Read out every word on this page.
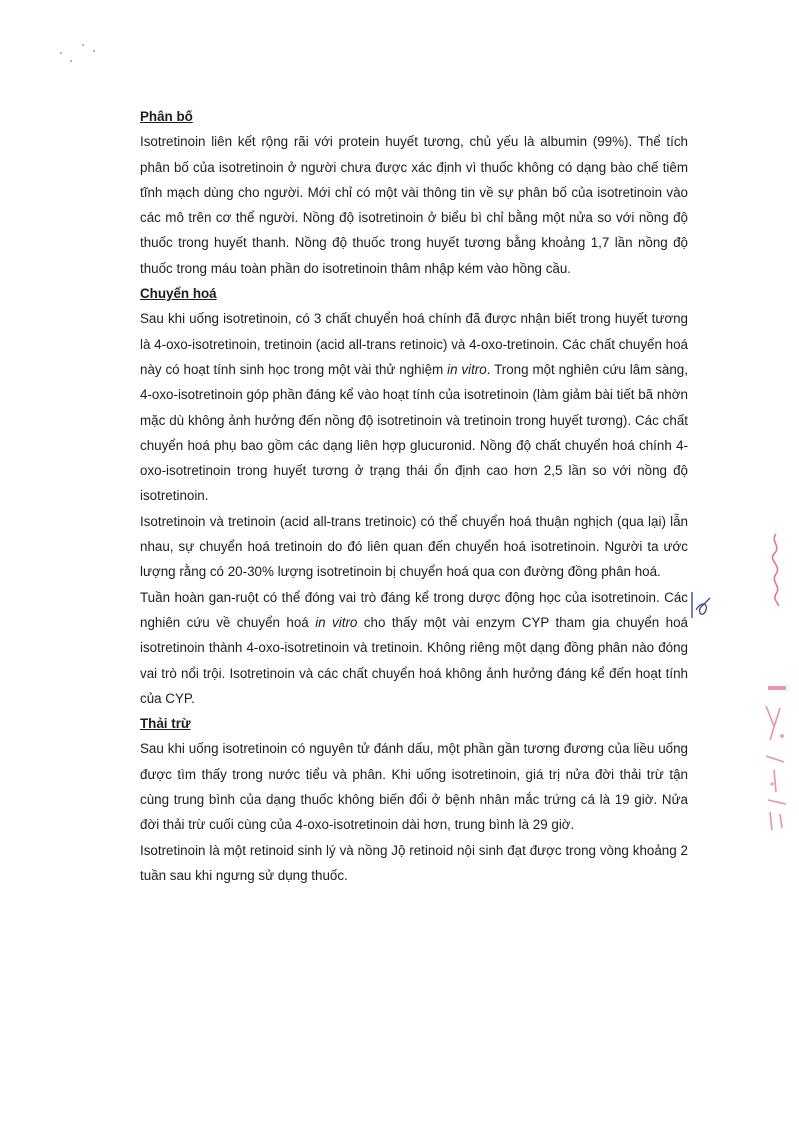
Phân bố

Isotretinoin liên kết rộng rãi với protein huyết tương, chủ yếu là albumin (99%). Thể tích phân bố của isotretinoin ở người chưa được xác định vì thuốc không có dạng bào chế tiêm tĩnh mạch dùng cho người. Mới chỉ có một vài thông tin về sự phân bố của isotretinoin vào các mô trên cơ thể người. Nồng độ isotretinoin ở biểu bì chỉ bằng một nửa so với nồng độ thuốc trong huyết thanh. Nồng độ thuốc trong huyết tương bằng khoảng 1,7 lần nồng độ thuốc trong máu toàn phần do isotretinoin thâm nhập kém vào hồng cầu.

Chuyển hoá

Sau khi uống isotretinoin, có 3 chất chuyển hoá chính đã được nhận biết trong huyết tương là 4-oxo-isotretinoin, tretinoin (acid all-trans retinoic) và 4-oxo-tretinoin. Các chất chuyển hoá này có hoạt tính sinh học trong một vài thử nghiệm in vitro. Trong một nghiên cứu lâm sàng, 4-oxo-isotretinoin góp phần đáng kể vào hoạt tính của isotretinoin (làm giảm bài tiết bã nhờn mặc dù không ảnh hưởng đến nồng độ isotretinoin và tretinoin trong huyết tương). Các chất chuyển hoá phụ bao gồm các dạng liên hợp glucuronid. Nồng độ chất chuyển hoá chính 4-oxo-isotretinoin trong huyết tương ở trạng thái ổn định cao hơn 2,5 lần so với nồng độ isotretinoin.

Isotretinoin và tretinoin (acid all-trans tretinoic) có thể chuyển hoá thuận nghịch (qua lại) lẫn nhau, sự chuyển hoá tretinoin do đó liên quan đến chuyển hoá isotretinoin. Người ta ước lượng rằng có 20-30% lượng isotretinoin bị chuyển hoá qua con đường đồng phân hoá.

Tuần hoàn gan-ruột có thể đóng vai trò đáng kể trong dược động học của isotretinoin. Các nghiên cứu về chuyển hoá in vitro cho thấy một vài enzym CYP tham gia chuyển hoá isotretinoin thành 4-oxo-isotretinoin và tretinoin. Không riêng một dạng đồng phân nào đóng vai trò nổi trội. Isotretinoin và các chất chuyển hoá không ảnh hưởng đáng kể đến hoạt tính của CYP.

Thải trừ

Sau khi uống isotretinoin có nguyên tử đánh dấu, một phần gần tương đương của liều uống được tìm thấy trong nước tiểu và phân. Khi uống isotretinoin, giá trị nửa đời thải trừ tận cùng trung bình của dạng thuốc không biến đổi ở bệnh nhân mắc trứng cá là 19 giờ. Nửa đời thải trừ cuối cùng của 4-oxo-isotretinoin dài hơn, trung bình là 29 giờ.

Isotretinoin là một retinoid sinh lý và nồng Jộ retinoid nội sinh đạt được trong vòng khoảng 2 tuần sau khi ngưng sử dụng thuốc.
